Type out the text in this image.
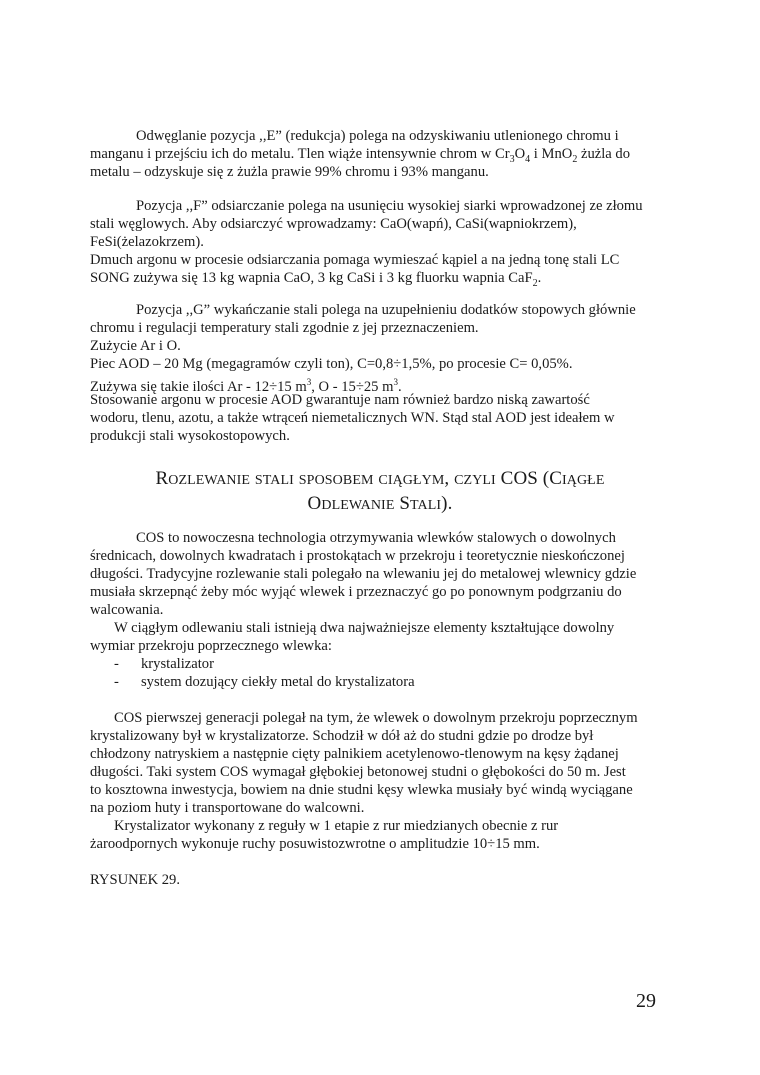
Odwęglanie pozycja ,,E” (redukcja) polega na odzyskiwaniu utlenionego chromu i
manganu i przejściu ich do metalu. Tlen wiąże intensywnie chrom w $Cr_3O_4$ i MnO$_2$ żużla do
metalu – odzyskuje się z żużla prawie 99% chromu i 93% manganu.
Pozycja ,,F” odsiarczanie polega na usunięciu wysokiej siarki wprowadzonej ze złomu
stali węglowych. Aby odsiarczyć wprowadzamy: CaO(wapń), CaSi(wapniokrzem),
FeSi(żelazokrzem).
Dmuch argonu w procesie odsiarczania pomaga wymieszać kąpiel a na jedną tonę stali LC
SONG zużywa się 13 kg wapnia CaO, 3 kg CaSi i 3 kg fluorku wapnia CaF$_2$.
Pozycja ,,G” wykańczanie stali polega na uzupełnieniu dodatków stopowych głównie
chromu i regulacji temperatury stali zgodnie z jej przeznaczeniem.
Zużycie Ar i O.
Piec AOD – 20 Mg (megagramów czyli ton), C=0,8÷1,5%, po procesie C= 0,05%.
Zużywa się takie ilości Ar - 12÷15 $m^3$, O - 15÷25 $m^3$.
Stosowanie argonu w procesie AOD gwarantuje nam również bardzo niską zawartość
wodoru, tlenu, azotu, a także wtrąceń niemetalicznych WN. Stąd stal AOD jest ideałem w
produkcji stali wysokostopowych.
ROZLEWANIE STALI SPOSOBEM CIĄGŁYM, CZYLI COS (CIĄGŁE
ODLEWANIE STALI).
COS to nowoczesna technologia otrzymywania wlewków stalowych o dowolnych
średnicach, dowolnych kwadratach i prostokątach w przekroju i teoretycznie nieskończonej
długości. Tradycyjne rozlewanie stali polegało na wlewaniu jej do metalowej wlewnicy gdzie
musiała skrzepnąć żeby móc wyjąć wlewek i przeznaczyć go po ponownym podgrzaniu do
walcowania.
W ciągłym odlewaniu stali istnieją dwa najważniejsze elementy kształtujące dowolny
wymiar przekroju poprzecznego wlewka:
- krystalizator
- system dozujący ciekły metal do krystalizatora
COS pierwszej generacji polegał na tym, że wlewek o dowolnym przekroju poprzecznym
krystalizowany był w krystalizatorze. Schodził w dół aż do studni gdzie po drodze był
chłodzony natryskiem a następnie cięty palnikiem acetylenowo-tlenowym na kęsy żądanej
długości. Taki system COS wymagał głębokiej betonowej studni o głębokości do 50 m. Jest
to kosztowna inwestycja, bowiem na dnie studni kęsy wlewka musiały być windą wyciągane
na poziom huty i transportowane do walcowni.
Krystalizator wykonany z reguły w 1 etapie z rur miedzianych obecnie z rur
żaroodpornych wykonuje ruchy posuwistozwrotne o amplitudzie 10÷15 mm.
RYSUNEK 29.
29
